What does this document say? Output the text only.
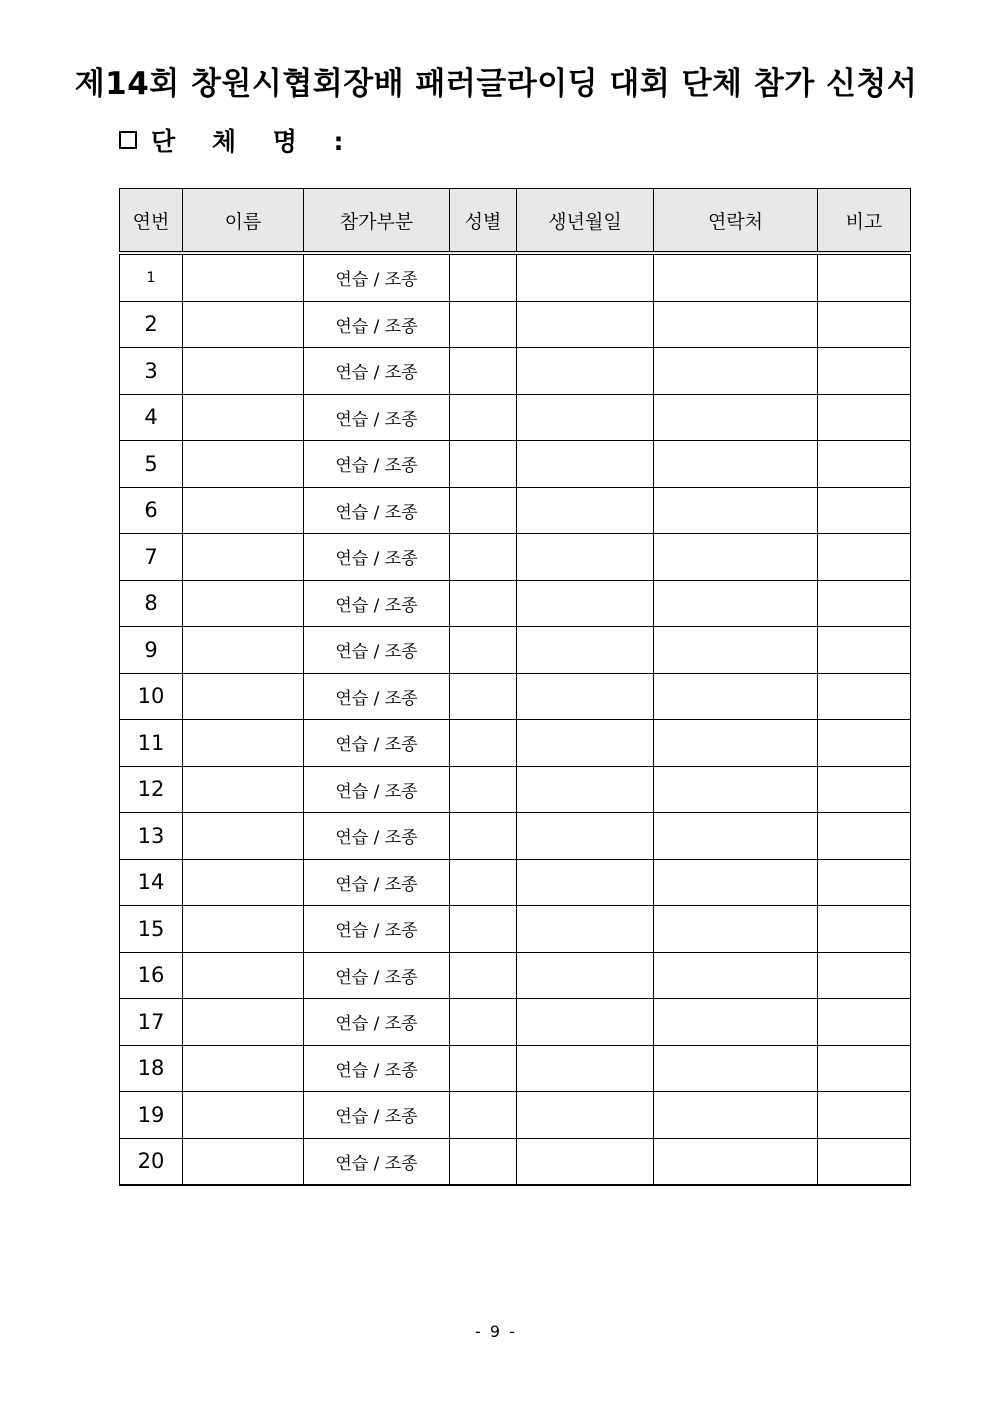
제14회 창원시협회장배 패러글라이딩 대회 단체 참가 신청서
단 체 명 :
연번	이름	참가부분	성별	생년월일	연락처	비고
1		연습 / 조종				
2		연습 / 조종				
3		연습 / 조종				
4		연습 / 조종				
5		연습 / 조종				
6		연습 / 조종				
7		연습 / 조종				
8		연습 / 조종				
9		연습 / 조종				
10		연습 / 조종				
11		연습 / 조종				
12		연습 / 조종				
13		연습 / 조종				
14		연습 / 조종				
15		연습 / 조종				
16		연습 / 조종				
17		연습 / 조종				
18		연습 / 조종				
19		연습 / 조종				
20		연습 / 조종				
- 9 -
